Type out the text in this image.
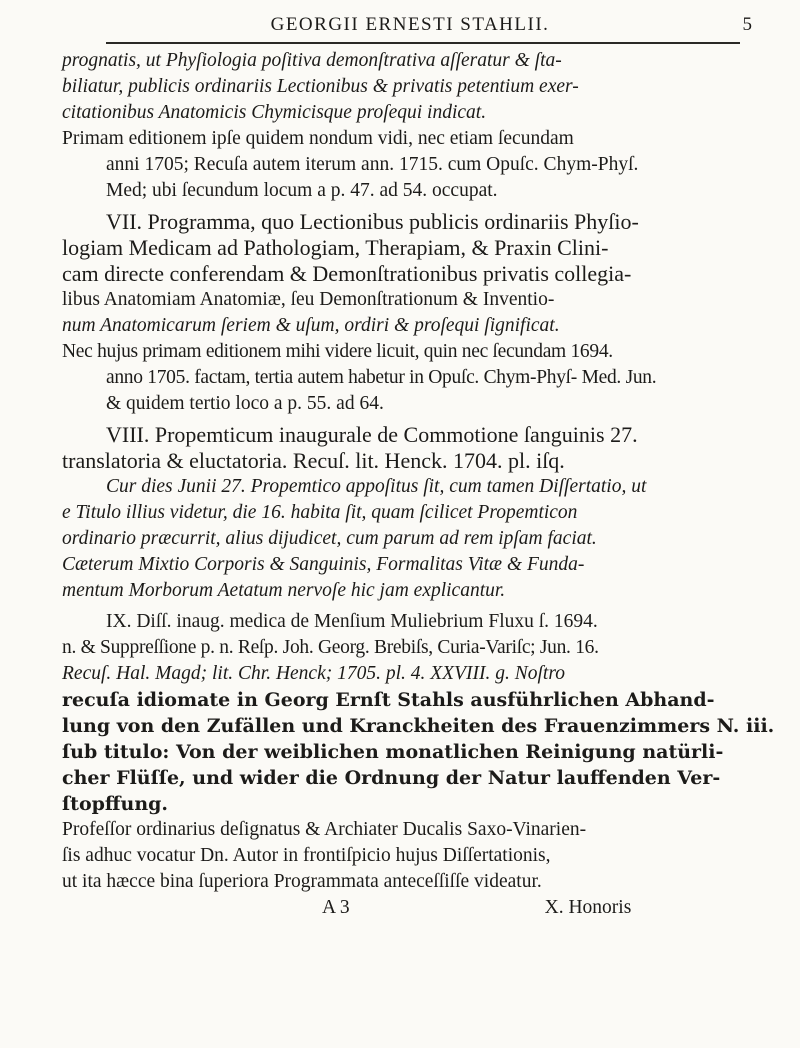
GEORGII ERNESTI STAHLII.	5
prognatis, ut Phyſiologia poſitiva demonſtrativa aſſeratur & ſta-
biliatur, publicis ordinariis Lectionibus & privatis petentium exer-
citationibus Anatomicis Chymicisque proſequi indicat.
Primam editionem ipſe quidem nondum vidi, nec etiam ſecundam
anni 1705; Recuſa autem iterum ann. 1715. cum Opuſc. Chym-Phyſ.
Med; ubi ſecundum locum a p. 47. ad 54. occupat.
VII. Programma, quo Lectionibus publicis ordinariis Phyſio-
logiam Medicam ad Pathologiam, Therapiam, & Praxin Clini-
cam directe conferendam & Demonſtrationibus privatis collegia-
libus Anatomiam Anatomiæ, ſeu Demonſtrationum & Inventio-
num Anatomicarum ſeriem & uſum, ordiri & proſequi ſignificat.
Nec hujus primam editionem mihi videre licuit, quin nec ſecundam 1694.
anno 1705. factam, tertia autem habetur in Opuſc. Chym-Phyſ- Med. Jun.
& quidem tertio loco a p. 55. ad 64.
VIII. Propemticum inaugurale de Commotione ſanguinis 27.
translatoria & eluctatoria. Recuſ. lit. Henck. 1704. pl. iſq.
Cur dies Junii 27. Propemtico appoſitus ſit, cum tamen Diſſertatio, ut
e Titulo illius videtur, die 16. habita ſit, quam ſcilicet Propemticon
ordinario præcurrit, alius dijudicet, cum parum ad rem ipſam faciat.
Cæterum Mixtio Corporis & Sanguinis, Formalitas Vitæ & Funda-
mentum Morborum Aetatum nervoſe hic jam explicantur.
IX. Diſſ. inaug. medica de Menſium Muliebrium Fluxu ſ. 1694.
n. & Suppreſſione p. n. Reſp. Joh. Georg. Brebiſs, Curia-Variſc; Jun. 16.
Recuſ. Hal. Magd; lit. Chr. Henck; 1705. pl. 4. XXVIII. g. Noſtro
recuſa idiomate in Georg Ernſt Stahls ausführlichen Abhand-
lung von den Zufällen und Kranckheiten des Frauenzimmers N. iii.
ſub titulo: Von der weiblichen monatlichen Reinigung natürli-
cher Flüſſe, und wider die Ordnung der Natur lauffenden Ver-
ſtopffung.
Profeſſor ordinarius deſignatus & Archiater Ducalis Saxo-Vinarien-
ſis adhuc vocatur Dn. Autor in frontiſpicio hujus Diſſertationis,
ut ita hæcce bina ſuperiora Programmata anteceſſiſſe videatur.
A 3                                        X. Honoris
